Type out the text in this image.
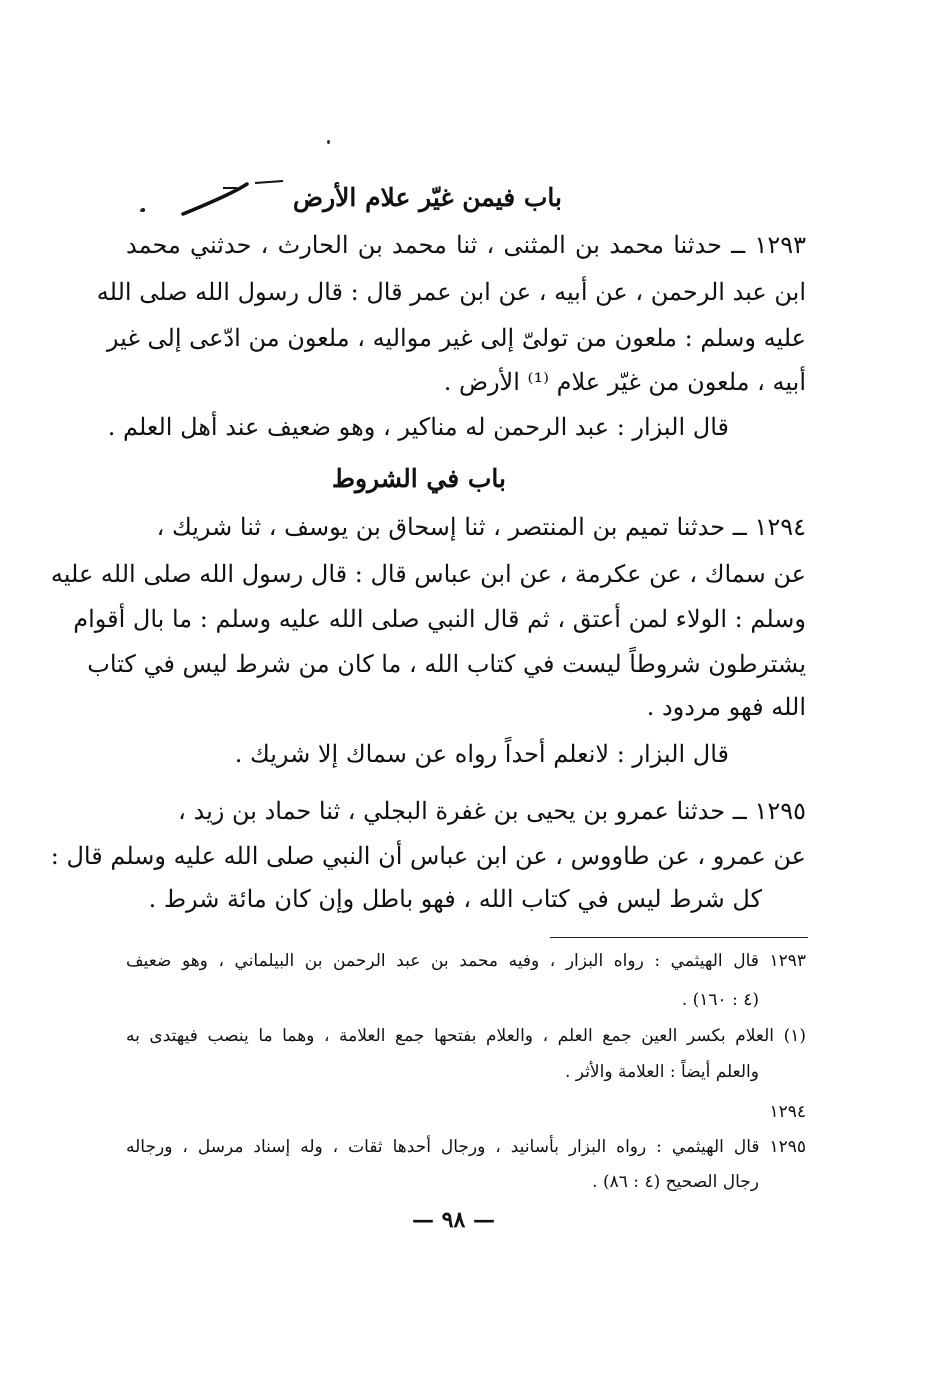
باب فيمن غيّر علام الأرض
١٢٩٣ ــ حدثنا محمد بن المثنى ، ثنا محمد بن الحارث ، حدثني محمد
ابن عبد الرحمن ، عن أبيه ، عن ابن عمر قال : قال رسول الله صلى الله
عليه وسلم : ملعون من تولىّ إلى غير مواليه ، ملعون من ادّعى إلى غير
أبيه ، ملعون من غيّر علام ⁽¹⁾ الأرض .
قال البزار : عبد الرحمن له مناكير ، وهو ضعيف عند أهل العلم .
باب في الشروط
١٢٩٤ ــ حدثنا تميم بن المنتصر ، ثنا إسحاق بن يوسف ، ثنا شريك ،
عن سماك ، عن عكرمة ، عن ابن عباس قال : قال رسول الله صلى الله عليه
وسلم : الولاء لمن أعتق ، ثم قال النبي صلى الله عليه وسلم : ما بال أقوام
يشترطون شروطاً ليست في كتاب الله ، ما كان من شرط ليس في كتاب
الله فهو مردود .
قال البزار : لانعلم أحداً رواه عن سماك إلا شريك .
١٢٩٥ ــ حدثنا عمرو بن يحيى بن غفرة البجلي ، ثنا حماد بن زيد ،
عن عمرو ، عن طاووس ، عن ابن عباس أن النبي صلى الله عليه وسلم قال :
كل شرط ليس في كتاب الله ، فهو باطل وإن كان مائة شرط .
١٢٩٣ قال الهيثمي : رواه البزار ، وفيه محمد بن عبد الرحمن بن البيلماني ، وهو ضعيف
(٤ : ١٦٠) .
(١) العلام بكسر العين جمع العلم ، والعلام بفتحها جمع العلامة ، وهما ما ينصب فيهتدى به
والعلم أيضاً : العلامة والأثر .
١٢٩٤
١٢٩٥ قال الهيثمي : رواه البزار بأسانيد ، ورجال أحدها ثقات ، وله إسناد مرسل ، ورجاله
رجال الصحيح (٤ : ٨٦) .
— ٩٨ —
